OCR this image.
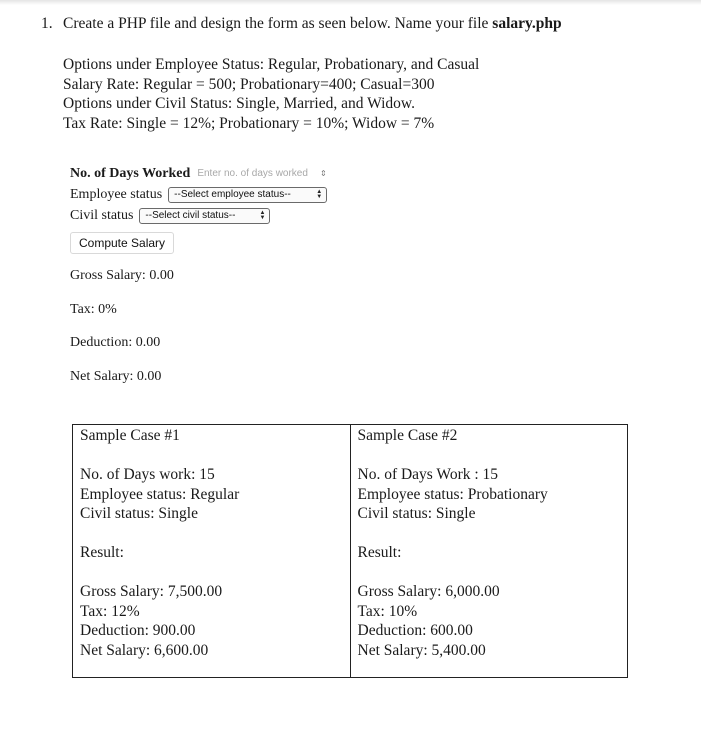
1. Create a PHP file and design the form as seen below. Name your file salary.php
Options under Employee Status: Regular, Probationary, and Casual
Salary Rate: Regular = 500; Probationary=400; Casual=300
Options under Civil Status: Single, Married, and Widow.
Tax Rate: Single = 12%; Probationary = 10%; Widow = 7%
No. of Days Worked Enter no. of days worked	⇕
Employee status --Select employee status--	▲
▼
Civil status --Select civil status--	▲
▼
Compute Salary
Gross Salary: 0.00
Tax: 0%
Deduction: 0.00
Net Salary: 0.00
Sample Case #1
No. of Days work: 15
Employee status: Regular
Civil status: Single
Result:
Gross Salary: 7,500.00
Tax: 12%
Deduction: 900.00
Net Salary: 6,600.00
Sample Case #2
No. of Days Work : 15
Employee status: Probationary
Civil status: Single
Result:
Gross Salary: 6,000.00
Tax: 10%
Deduction: 600.00
Net Salary: 5,400.00
